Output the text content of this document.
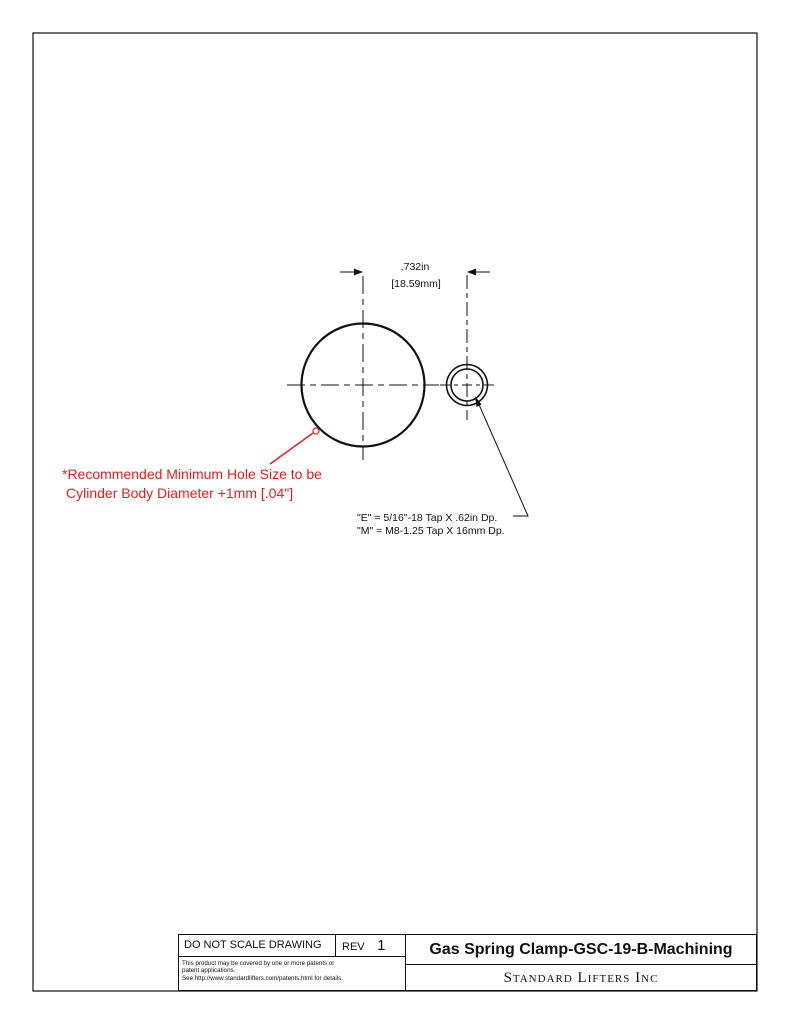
.732in
[18.59mm]
*Recommended Minimum Hole Size to be
Cylinder Body Diameter +1mm [.04"]
"E" = 5/16"-18 Tap X .62in Dp.
"M" = M8-1.25 Tap X 16mm Dp.
DO NOT SCALE DRAWING	REV 1
This product may be covered by one or more patents or
patent applications.
See http://www.standardlifters.com/patents.html for details.
Gas Spring Clamp-GSC-19-B-Machining
Standard Lifters Inc
